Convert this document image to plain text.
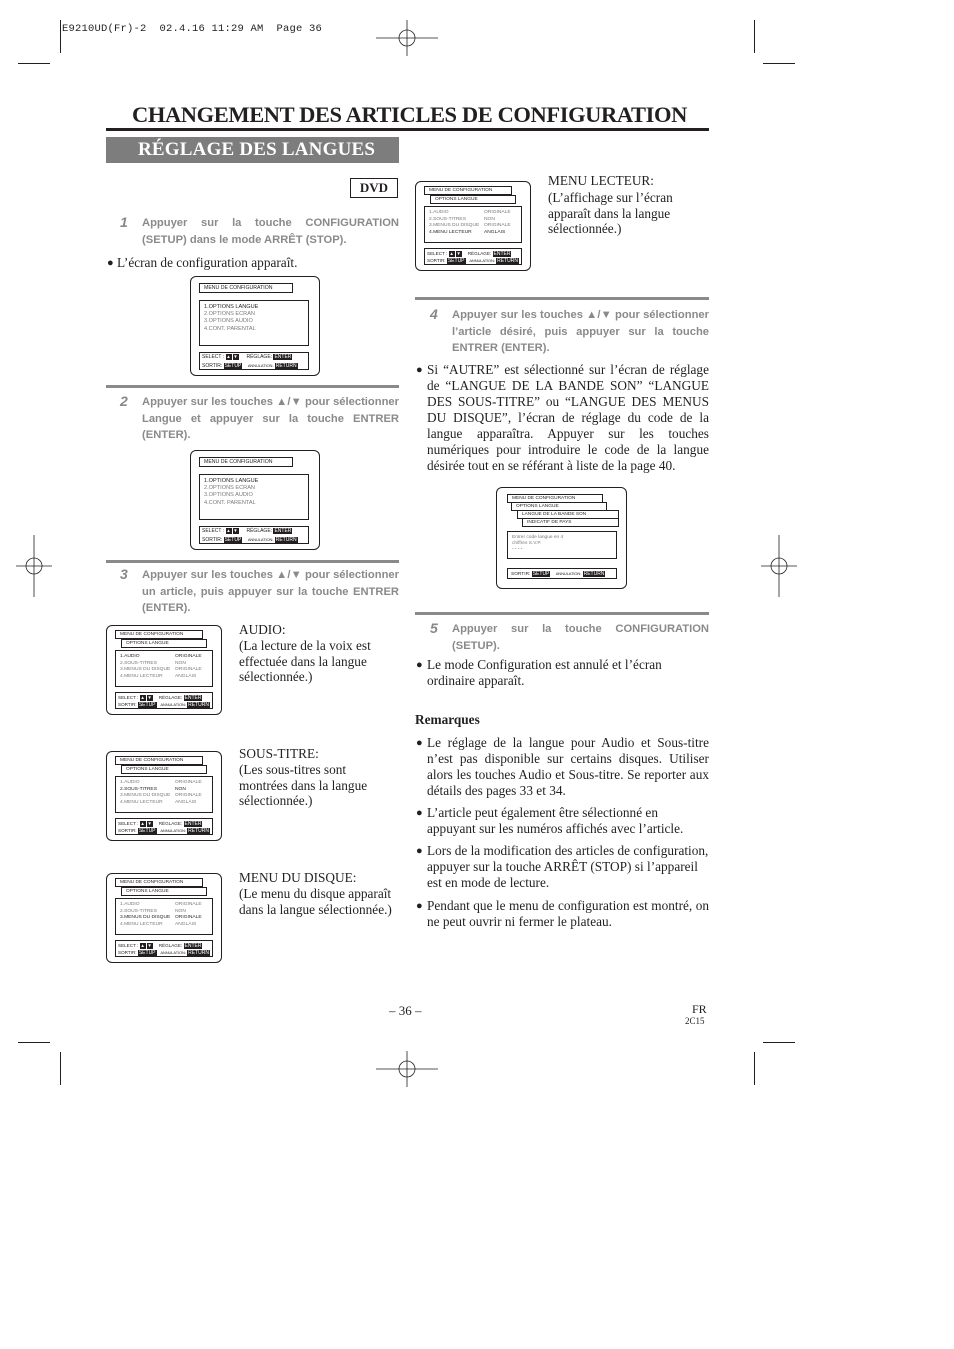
E9210UD(Fr)-2  02.4.16 11:29 AM  Page 36
CHANGEMENT DES ARTICLES DE CONFIGURATION
RÉGLAGE DES LANGUES
DVD
1 Appuyer sur la touche CONFIGURATION (SETUP) dans le mode ARRÊT (STOP).
● L’écran de configuration apparaît.
MENU DE CONFIGURATION
1.OPTIONS LANGUE
2.OPTIONS ECRAN
3.OPTIONS AUDIO
4.CONT. PARENTAL
SELECT : ▲ ▼ RÉGLAGE: ENTER
SORTIR: SETUP ANNULATION: RETURN
2 Appuyer sur les touches ▲/▼ pour sélectionner Langue et appuyer sur la touche ENTRER (ENTER).
MENU DE CONFIGURATION
1.OPTIONS LANGUE
2.OPTIONS ECRAN
3.OPTIONS AUDIO
4.CONT. PARENTAL
SELECT : ▲ ▼ RÉGLAGE: ENTER
SORTIR: SETUP ANNULATION: RETURN
3 Appuyer sur les touches ▲/▼ pour sélectionner un article, puis appuyer sur la touche ENTRER (ENTER).
MENU DE CONFIGURATION
OPTIONS LANGUE
1.AUDIO	ORIGINALE
2.SOUS-TITRES	NON
3.MENUS DU DISQUE ORIGINALE
4.MENU LECTEUR	ANGLAIS
SELECT : ▲ ▼ RÉGLAGE: ENTER
SORTIR: SETUP ANNULATION: RETURN
AUDIO:
(La lecture de la voix est effectuée dans la langue sélectionnée.)
MENU DE CONFIGURATION
OPTIONS LANGUE
1.AUDIO	ORIGINALE
2.SOUS-TITRES	NON
3.MENUS DU DISQUE ORIGINALE
4.MENU LECTEUR	ANGLAIS
SELECT : ▲ ▼ RÉGLAGE: ENTER
SORTIR: SETUP ANNULATION: RETURN
SOUS-TITRE:
(Les sous-titres sont montrées dans la langue sélectionnée.)
MENU DE CONFIGURATION
OPTIONS LANGUE
1.AUDIO	ORIGINALE
2.SOUS-TITRES	NON
3.MENUS DU DISQUE ORIGINALE
4.MENU LECTEUR	ANGLAIS
SELECT : ▲ ▼ RÉGLAGE: ENTER
SORTIR: SETUP ANNULATION: RETURN
MENU DU DISQUE:
(Le menu du disque apparaît dans la langue sélectionnée.)
MENU DE CONFIGURATION
OPTIONS LANGUE
1.AUDIO	ORIGINALE
2.SOUS-TITRES	NON
3.MENUS DU DISQUE ORIGINALE
4.MENU LECTEUR	ANGLAIS
SELECT : ▲ ▼ RÉGLAGE: ENTER
SORTIR: SETUP ANNULATION: RETURN
MENU LECTEUR:
(L’affichage sur l’écran apparaît dans la langue sélectionnée.)
4 Appuyer sur les touches ▲/▼ pour sélectionner l’article désiré, puis appuyer sur la touche ENTRER (ENTER).
● Si “AUTRE” est sélectionné sur l’écran de réglage de “LANGUE DE LA BANDE SON” “LANGUE DES SOUS-TITRE” ou “LANGUE DES MENUS DU DISQUE”, l’écran de réglage du code de la langue apparaîtra. Appuyer sur les touches numériques pour introduire le code de la langue désirée tout en se référant à liste de la page 40.
MENU DE CONFIGURATION
OPTIONS LANGUE
LANGUE DE LA BANDE SON
INDICATIF DE PAYS
Entrer code langue en 4 chiffres S.V.P.
- - - -
SORTIR: SETUP ANNULATION: RETURN
5 Appuyer sur la touche CONFIGURATION (SETUP).
● Le mode Configuration est annulé et l’écran ordinaire apparaît.
Remarques
● Le réglage de la langue pour Audio et Sous-titre n’est pas disponible sur certains disques. Utiliser alors les touches Audio et Sous-titre. Se reporter aux détails des pages 33 et 34.
● L’article peut également être sélectionné en appuyant sur les numéros affichés avec l’article.
● Lors de la modification des articles de configuration, appuyer sur la touche ARRÊT (STOP) si l’appareil est en mode de lecture.
● Pendant que le menu de configuration est montré, on ne peut ouvrir ni fermer le plateau.
– 36 –	FR
2C15
